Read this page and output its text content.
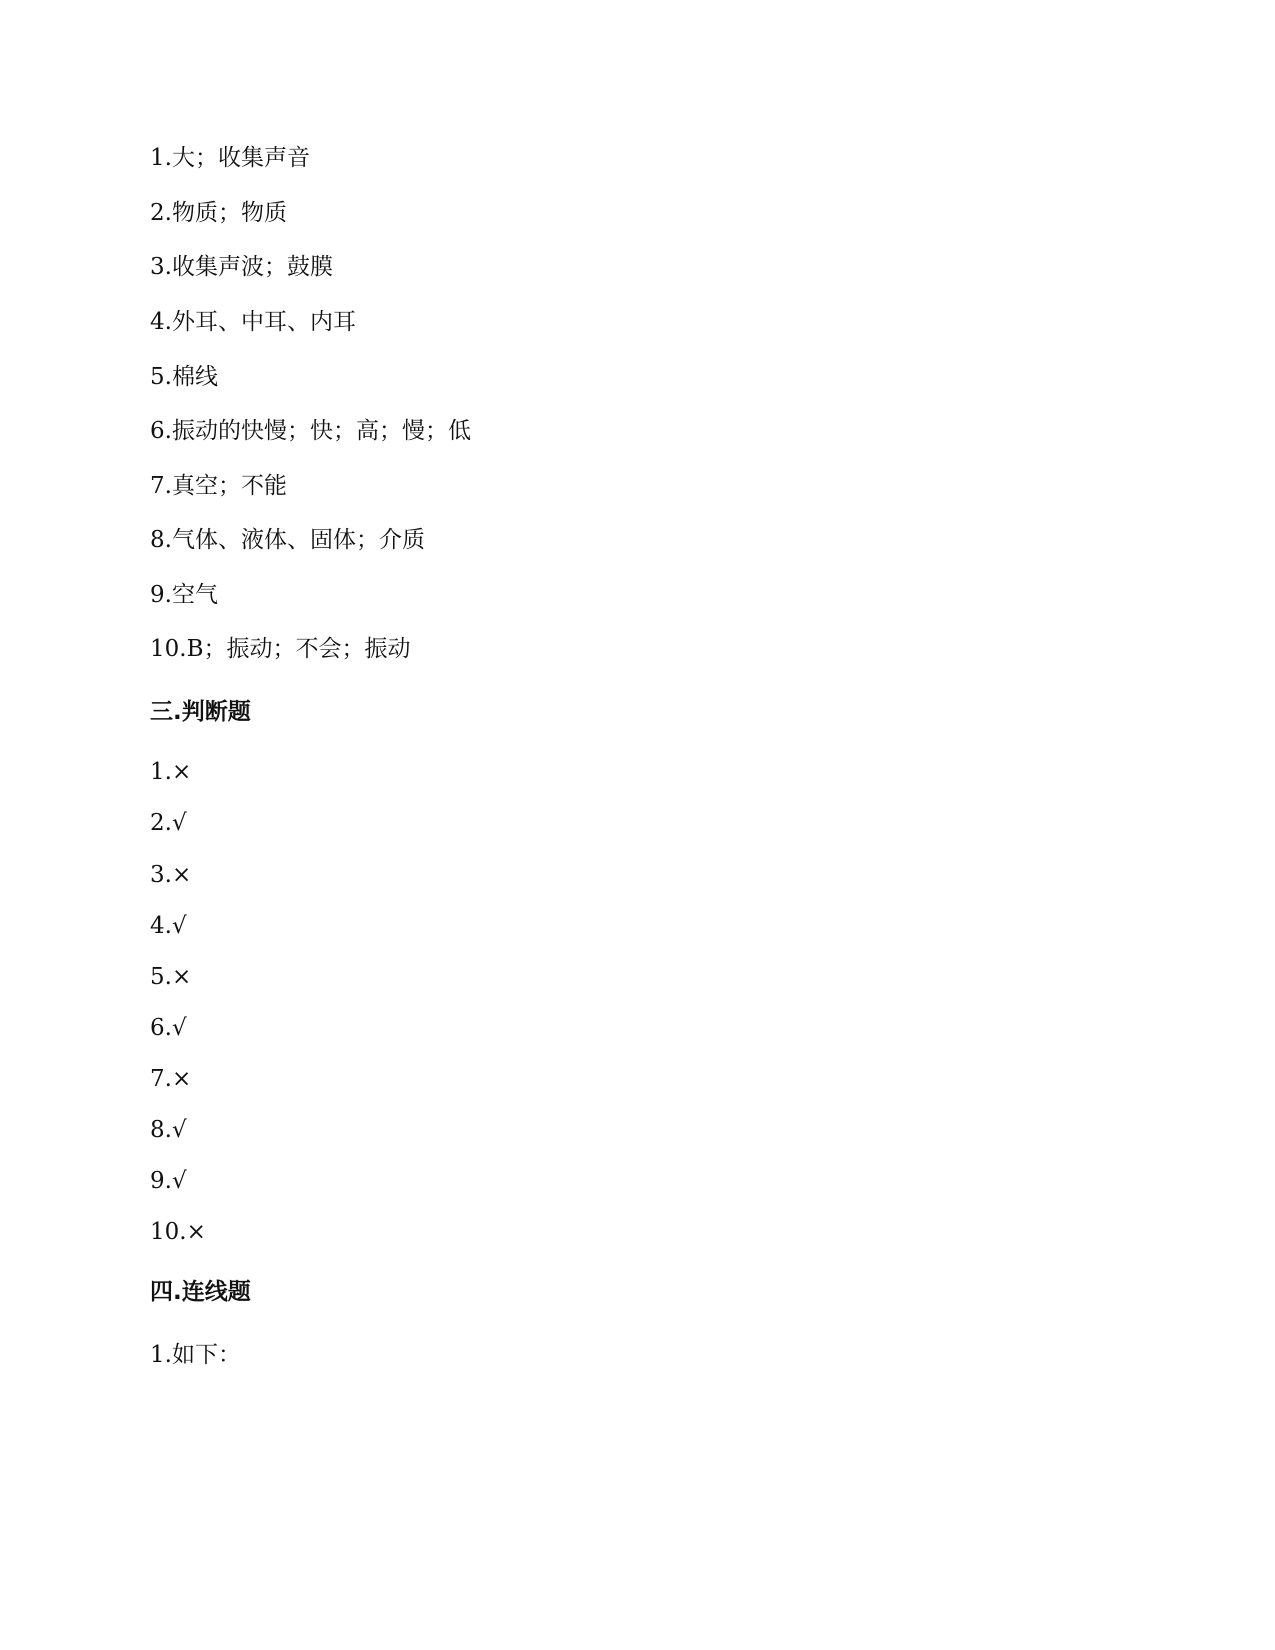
1.大；收集声音
2.物质；物质
3.收集声波；鼓膜
4.外耳、中耳、内耳
5.棉线
6.振动的快慢；快；高；慢；低
7.真空；不能
8.气体、液体、固体；介质
9.空气
10.B；振动；不会；振动
三.判断题
1.×
2.√
3.×
4.√
5.×
6.√
7.×
8.√
9.√
10.×
四.连线题
1.如下：
